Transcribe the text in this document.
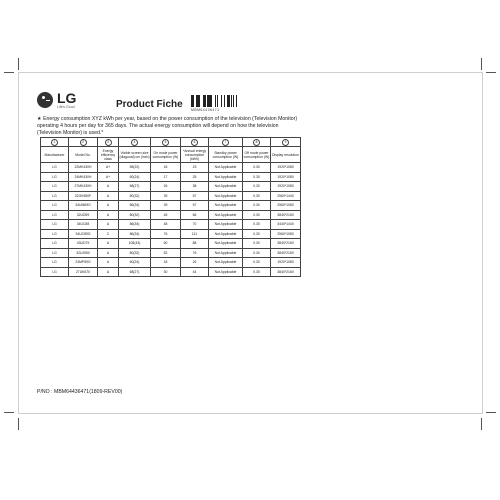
LG
Life's Good	Product Fiche MBM64436471
★ Energy consumption XYZ kWh per year, based on the power consumption of the television (Television Monitor) operating 4 hours per day for 365 days. The actual energy consumption will depend on how the television (Television Monitor) is used.*
1	2	3	4	5	6	7	8	9
Manufacturer	Model No.	Energy efficiency class	Visible screen size (diagonal) cm (inch)	On mode power consumption (W)	*Annual energy consumption (kWh)	Standby power consumption (W)	Off mode power consumption (W)	Display resolution
LG	22MK430H	A+	55(22)	16	23	Not Applicable	0.30	1920*1080
LG	24MK430H	A+	60(24)	17	25	Not Applicable	0.30	1920*1080
LG	27MK430H	A	68(27)	26	38	Not Applicable	0.30	1920*1080
LG	32GK650F	A	80(32)	39	57	Not Applicable	0.30	2560*1440
LG	34UM69G	A	86(34)	39	57	Not Applicable	0.30	2560*1080
LG	32UD59	A	80(32)	45	66	Not Applicable	0.30	3840*2160
LG	34UC88	A	86(34)	48	70	Not Applicable	0.30	3440*1440
LG	34UC89G	C	86(34)	76	111	Not Applicable	0.30	2560*1080
LG	43UD79	A	108(43)	60	88	Not Applicable	0.30	3840*2160
LG	32UJ550	A	80(32)	52	76	Not Applicable	0.30	3840*2160
LG	24MP59G	A	60(24)	18	26	Not Applicable	0.30	1920*1080
LG	27UK670	A	68(27)	30	44	Not Applicable	0.30	3840*2160
P/NO : MBM64436471(1809-REV00)
